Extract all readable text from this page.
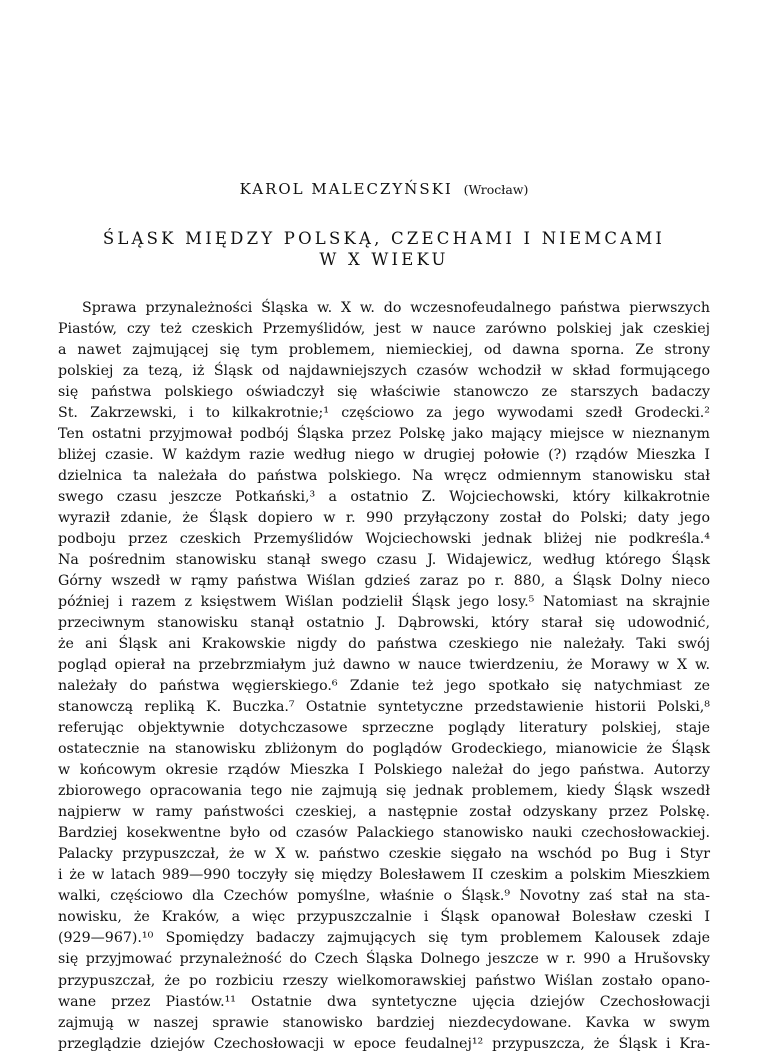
KAROL MALECZYŃSKI (Wrocław)
ŚLĄSK MIĘDZY POLSKĄ, CZECHAMI I NIEMCAMI
W X WIEKU
Sprawa przynależności Śląska w. X w. do wczesnofeudalnego państwa pierwszych
Piastów, czy też czeskich Przemyślidów, jest w nauce zarówno polskiej jak czeskiej
a nawet zajmującej się tym problemem, niemieckiej, od dawna sporna. Ze strony
polskiej za tezą, iż Śląsk od najdawniejszych czasów wchodził w skład formującego
się państwa polskiego oświadczył się właściwie stanowczo ze starszych badaczy
St. Zakrzewski, i to kilkakrotnie;¹ częściowo za jego wywodami szedł Grodecki.²
Ten ostatni przyjmował podbój Śląska przez Polskę jako mający miejsce w nieznanym
bliżej czasie. W każdym razie według niego w drugiej połowie (?) rządów Mieszka I
dzielnica ta należała do państwa polskiego. Na wręcz odmiennym stanowisku stał
swego czasu jeszcze Potkański,³ a ostatnio Z. Wojciechowski, który kilkakrotnie
wyraził zdanie, że Śląsk dopiero w r. 990 przyłączony został do Polski; daty jego
podboju przez czeskich Przemyślidów Wojciechowski jednak bliżej nie podkreśla.⁴
Na pośrednim stanowisku stanął swego czasu J. Widajewicz, według którego Śląsk
Górny wszedł w rąmy państwa Wiślan gdzieś zaraz po r. 880, a Śląsk Dolny nieco
później i razem z księstwem Wiślan podzielił Śląsk jego losy.⁵ Natomiast na skrajnie
przeciwnym stanowisku stanął ostatnio J. Dąbrowski, który starał się udowodnić,
że ani Śląsk ani Krakowskie nigdy do państwa czeskiego nie należały. Taki swój
pogląd opierał na przebrzmiałym już dawno w nauce twierdzeniu, że Morawy w X w.
należały do państwa węgierskiego.⁶ Zdanie też jego spotkało się natychmiast ze
stanowczą repliką K. Buczka.⁷ Ostatnie syntetyczne przedstawienie historii Polski,⁸
referując objektywnie dotychczasowe sprzeczne poglądy literatury polskiej, staje
ostatecznie na stanowisku zbliżonym do poglądów Grodeckiego, mianowicie że Śląsk
w końcowym okresie rządów Mieszka I Polskiego należał do jego państwa. Autorzy
zbiorowego opracowania tego nie zajmują się jednak problemem, kiedy Śląsk wszedł
najpierw w ramy państwości czeskiej, a następnie został odzyskany przez Polskę.
Bardziej kosekwentne było od czasów Palackiego stanowisko nauki czechosłowackiej.
Palacky przypuszczał, że w X w. państwo czeskie sięgało na wschód po Bug i Styr
i że w latach 989—990 toczyły się między Bolesławem II czeskim a polskim Mieszkiem
walki, częściowo dla Czechów pomyślne, właśnie o Śląsk.⁹ Novotny zaś stał na sta-
nowisku, że Kraków, a więc przypuszczalnie i Śląsk opanował Bolesław czeski I
(929—967).¹⁰ Spomiędzy badaczy zajmujących się tym problemem Kalousek zdaje
się przyjmować przynależność do Czech Śląska Dolnego jeszcze w r. 990 a Hrušovsky
przypuszczał, że po rozbiciu rzeszy wielkomorawskiej państwo Wiślan zostało opano-
wane przez Piastów.¹¹ Ostatnie dwa syntetyczne ujęcia dziejów Czechosłowacji
zajmują w naszej sprawie stanowisko bardziej niezdecydowane. Kavka w swym
przeglądzie dziejów Czechosłowacji w epoce feudalnej¹² przypuszcza, że Śląsk i Kra-
